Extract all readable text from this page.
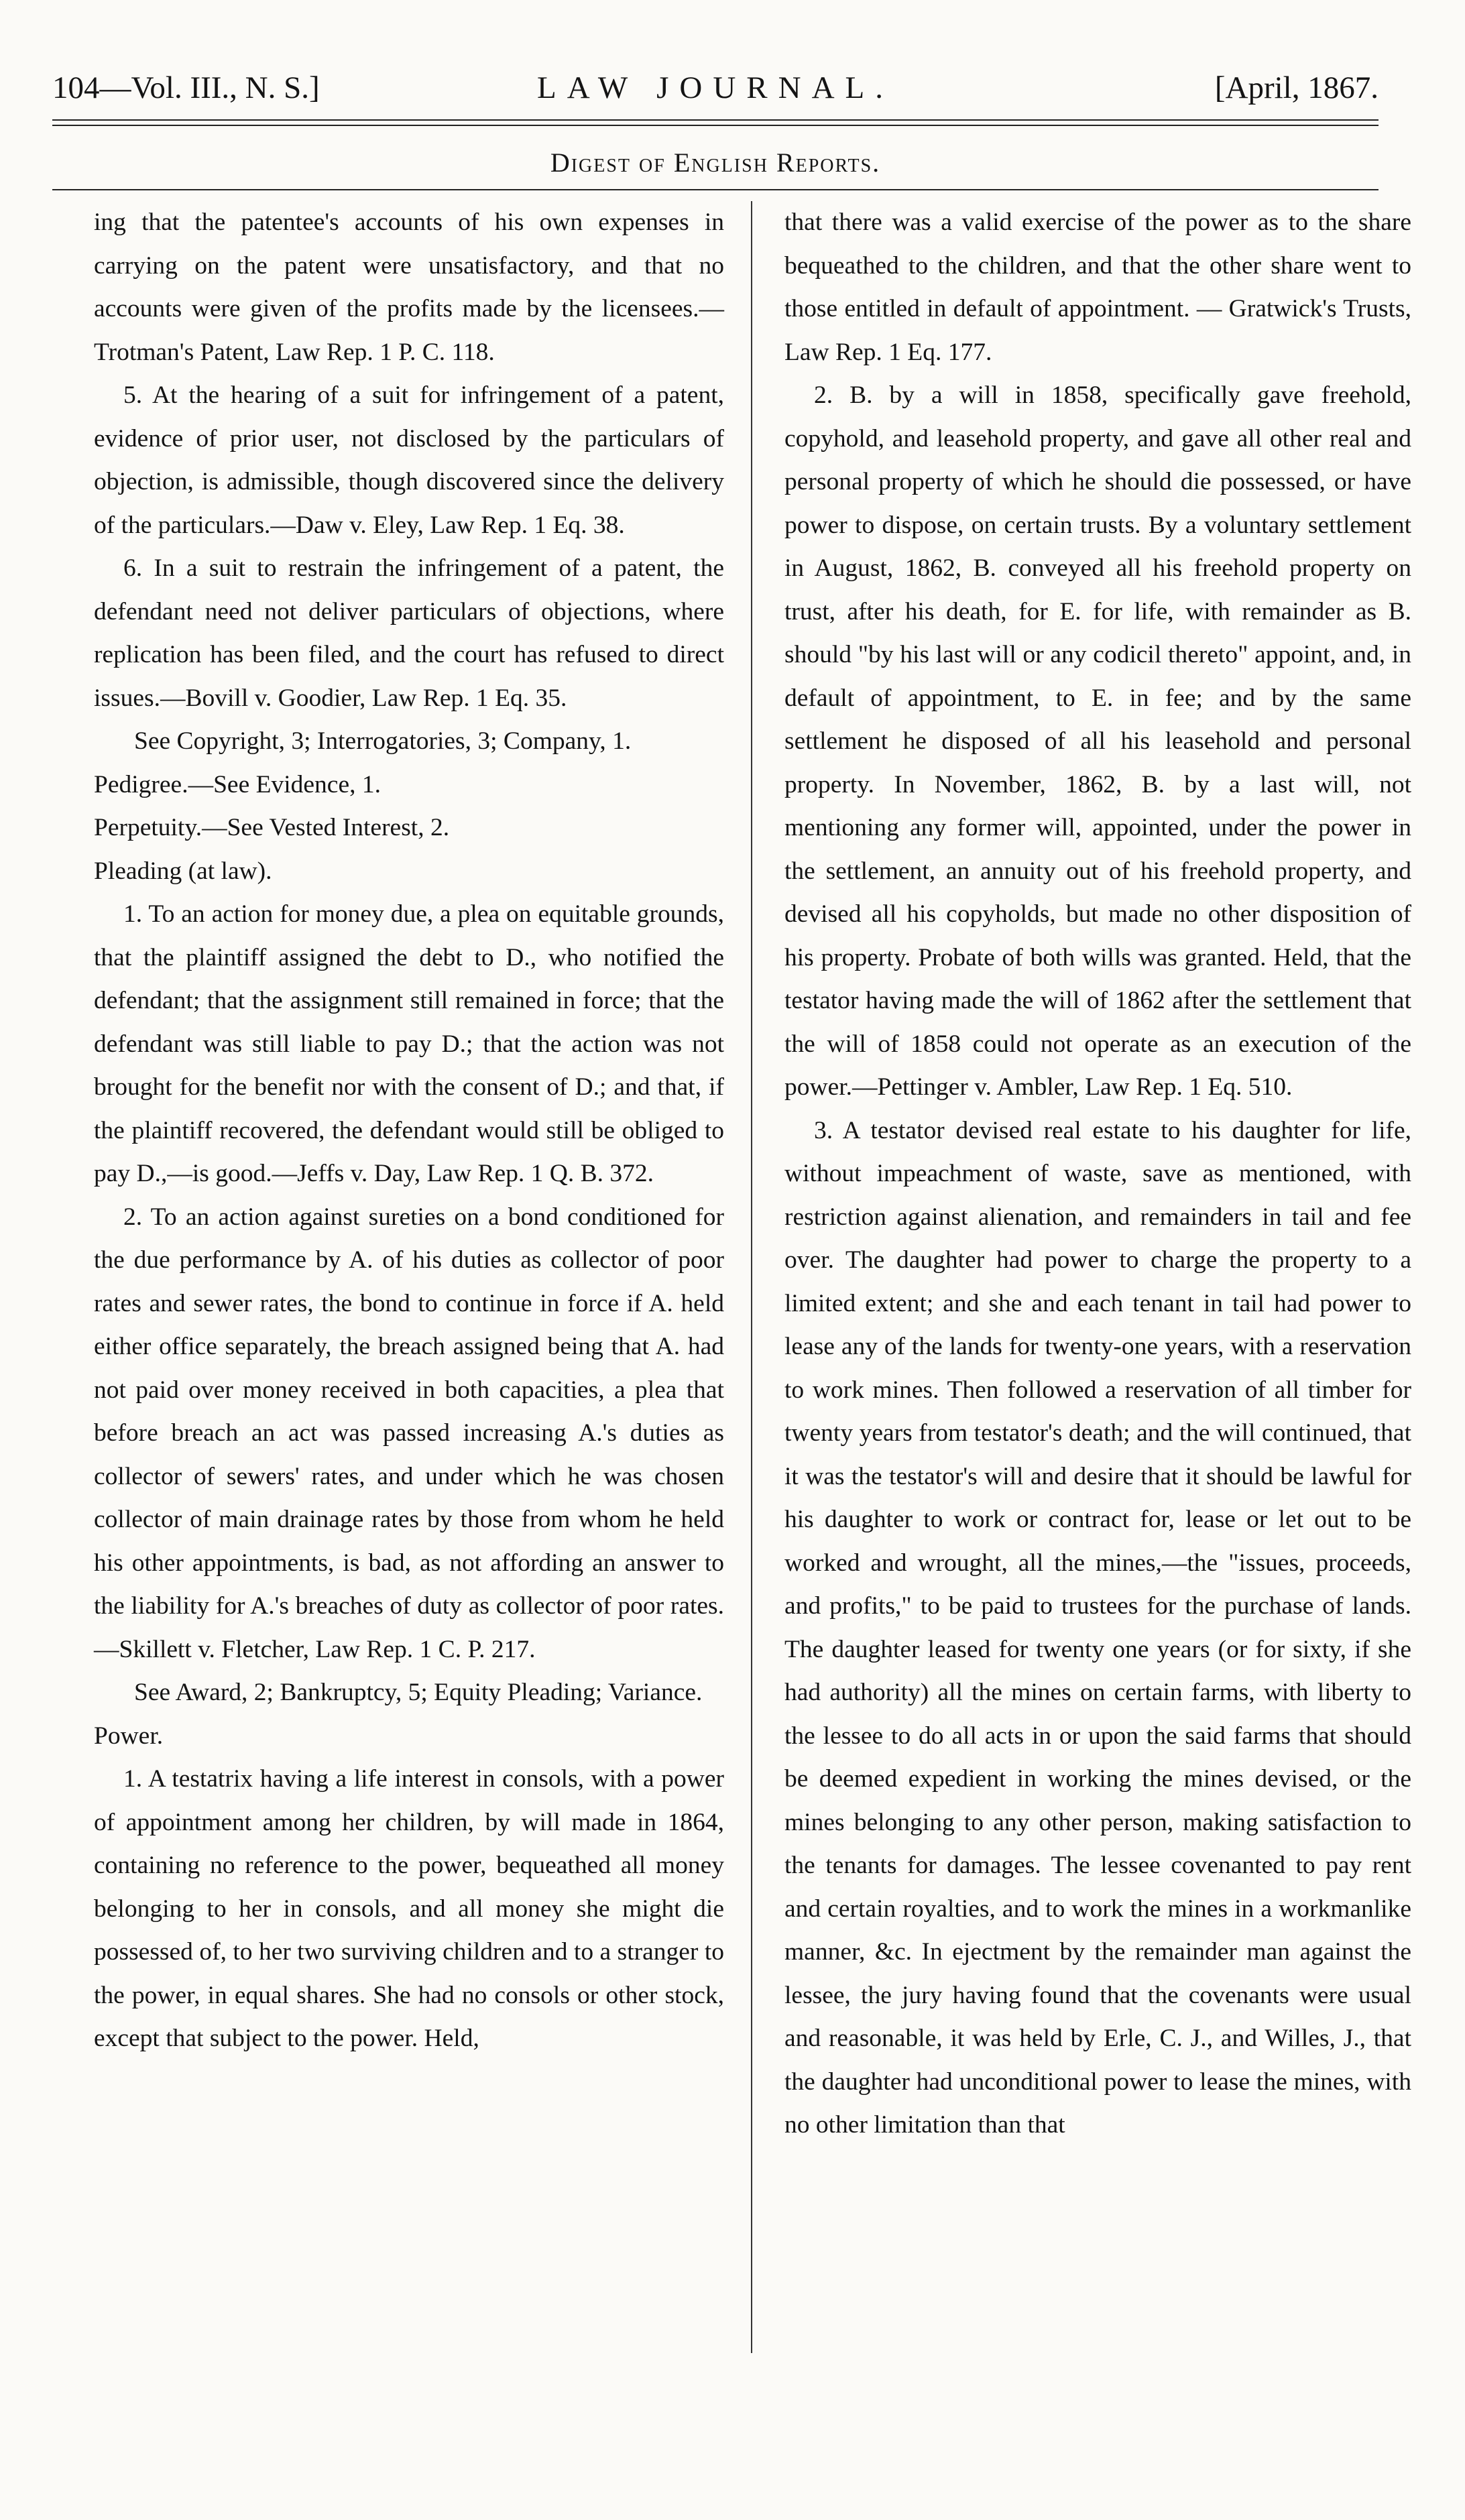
104—Vol. III., N. S.]	LAW JOURNAL.	[April, 1867.
Digest of English Reports.

ing that the patentee's accounts of his own expenses in carrying on the patent were unsatisfactory, and that no accounts were given of the profits made by the licensees.—Trotman's Patent, Law Rep. 1 P. C. 118.

5. At the hearing of a suit for infringement of a patent, evidence of prior user, not disclosed by the particulars of objection, is admissible, though discovered since the delivery of the particulars.—Daw v. Eley, Law Rep. 1 Eq. 38.

6. In a suit to restrain the infringement of a patent, the defendant need not deliver particulars of objections, where replication has been filed, and the court has refused to direct issues.—Bovill v. Goodier, Law Rep. 1 Eq. 35.

See Copyright, 3; Interrogatories, 3; Company, 1.

Pedigree.—See Evidence, 1.

Perpetuity.—See Vested Interest, 2.

Pleading (at law).

1. To an action for money due, a plea on equitable grounds, that the plaintiff assigned the debt to D., who notified the defendant; that the assignment still remained in force; that the defendant was still liable to pay D.; that the action was not brought for the benefit nor with the consent of D.; and that, if the plaintiff recovered, the defendant would still be obliged to pay D.,—is good.—Jeffs v. Day, Law Rep. 1 Q. B. 372.

2. To an action against sureties on a bond conditioned for the due performance by A. of his duties as collector of poor rates and sewer rates, the bond to continue in force if A. held either office separately, the breach assigned being that A. had not paid over money received in both capacities, a plea that before breach an act was passed increasing A.'s duties as collector of sewers' rates, and under which he was chosen collector of main drainage rates by those from whom he held his other appointments, is bad, as not affording an answer to the liability for A.'s breaches of duty as collector of poor rates.—Skillett v. Fletcher, Law Rep. 1 C. P. 217.

See Award, 2; Bankruptcy, 5; Equity Pleading; Variance.

Power.

1. A testatrix having a life interest in consols, with a power of appointment among her children, by will made in 1864, containing no reference to the power, bequeathed all money belonging to her in consols, and all money she might die possessed of, to her two surviving children and to a stranger to the power, in equal shares. She had no consols or other stock, except that subject to the power. Held,

that there was a valid exercise of the power as to the share bequeathed to the children, and that the other share went to those entitled in default of appointment. — Gratwick's Trusts, Law Rep. 1 Eq. 177.

2. B. by a will in 1858, specifically gave freehold, copyhold, and leasehold property, and gave all other real and personal property of which he should die possessed, or have power to dispose, on certain trusts. By a voluntary settlement in August, 1862, B. conveyed all his freehold property on trust, after his death, for E. for life, with remainder as B. should "by his last will or any codicil thereto" appoint, and, in default of appointment, to E. in fee; and by the same settlement he disposed of all his leasehold and personal property. In November, 1862, B. by a last will, not mentioning any former will, appointed, under the power in the settlement, an annuity out of his freehold property, and devised all his copyholds, but made no other disposition of his property. Probate of both wills was granted. Held, that the testator having made the will of 1862 after the settlement that the will of 1858 could not operate as an execution of the power.—Pettinger v. Ambler, Law Rep. 1 Eq. 510.

3. A testator devised real estate to his daughter for life, without impeachment of waste, save as mentioned, with restriction against alienation, and remainders in tail and fee over. The daughter had power to charge the property to a limited extent; and she and each tenant in tail had power to lease any of the lands for twenty-one years, with a reservation to work mines. Then followed a reservation of all timber for twenty years from testator's death; and the will continued, that it was the testator's will and desire that it should be lawful for his daughter to work or contract for, lease or let out to be worked and wrought, all the mines,—the "issues, proceeds, and profits," to be paid to trustees for the purchase of lands. The daughter leased for twenty one years (or for sixty, if she had authority) all the mines on certain farms, with liberty to the lessee to do all acts in or upon the said farms that should be deemed expedient in working the mines devised, or the mines belonging to any other person, making satisfaction to the tenants for damages. The lessee covenanted to pay rent and certain royalties, and to work the mines in a workmanlike manner, &c. In ejectment by the remainder man against the lessee, the jury having found that the covenants were usual and reasonable, it was held by Erle, C. J., and Willes, J., that the daughter had unconditional power to lease the mines, with no other limitation than that
